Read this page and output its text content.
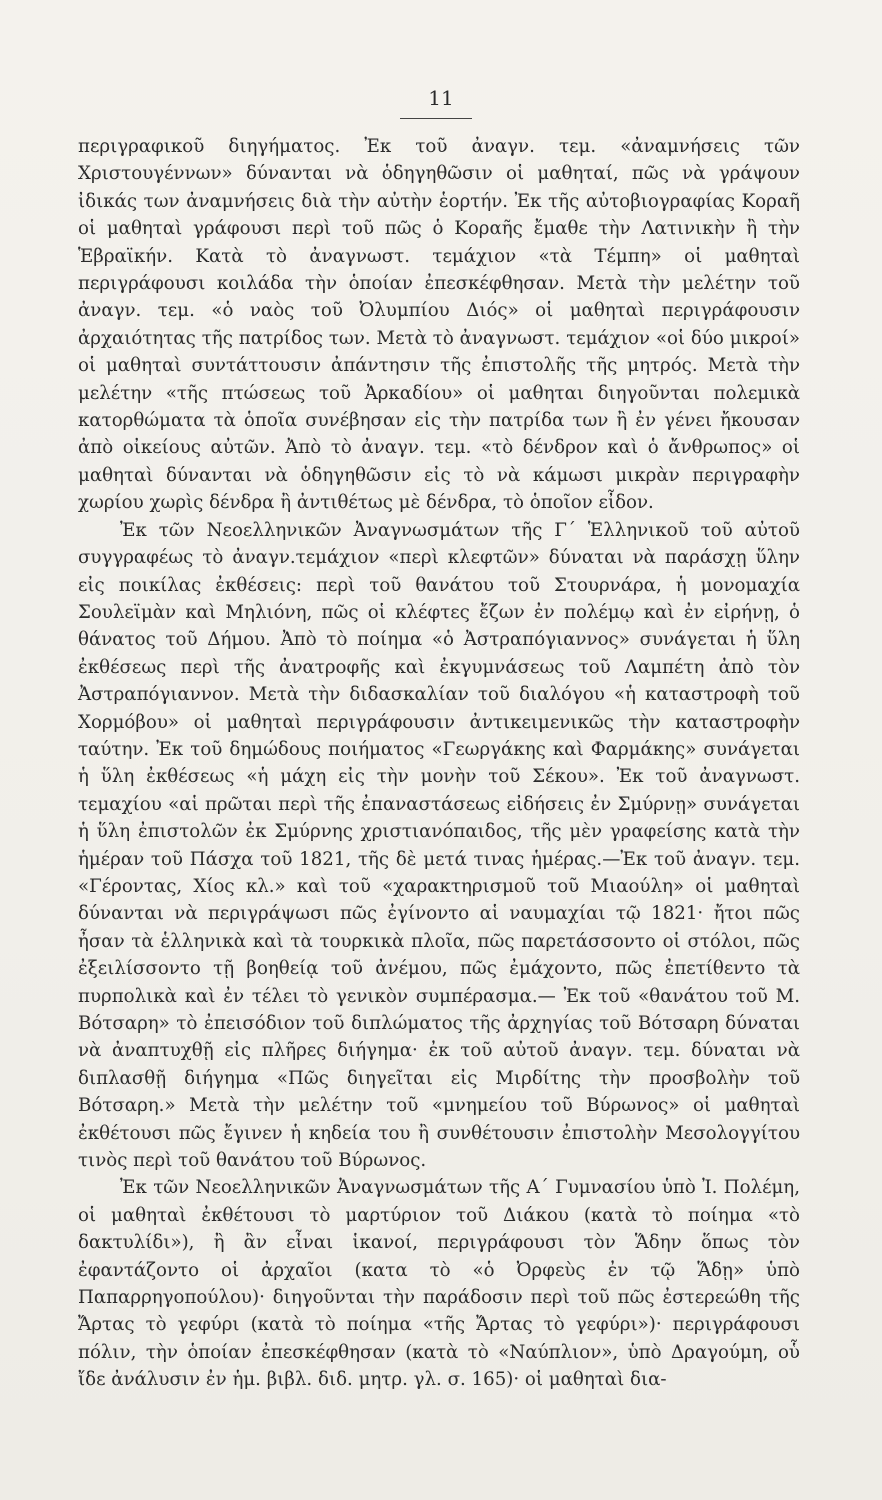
11

περιγραφικοῦ διηγήματος. Ἐκ τοῦ ἀναγν. τεμ. «ἀναμνήσεις τῶν Χριστουγέννων» δύνανται νὰ ὁδηγηθῶσιν οἱ μαθηταί, πῶς νὰ γράψουν ἰδικάς των ἀναμνήσεις διὰ τὴν αὐτὴν ἑορτήν. Ἐκ τῆς αὐτοβιογραφίας Κοραῆ οἱ μαθηταὶ γράφουσι περὶ τοῦ πῶς ὁ Κοραῆς ἔμαθε τὴν Λατινικὴν ἢ τὴν Ἑβραϊκήν. Κατὰ τὸ ἀναγνωστ. τεμάχιον «τὰ Τέμπη» οἱ μαθηταὶ περιγράφουσι κοιλάδα τὴν ὁποίαν ἐπεσκέφθησαν. Μετὰ τὴν μελέτην τοῦ ἀναγν. τεμ. «ὁ ναὸς τοῦ Ὀλυμπίου Διός» οἱ μαθηταὶ περιγράφουσιν ἀρχαιότητας τῆς πατρίδος των. Μετὰ τὸ ἀναγνωστ. τεμάχιον «οἱ δύο μικροί» οἱ μαθηταὶ συντάττουσιν ἀπάντησιν τῆς ἐπιστολῆς τῆς μητρός. Μετὰ τὴν μελέτην «τῆς πτώσεως τοῦ Ἀρκαδίου» οἱ μαθηται διηγοῦνται πολεμικὰ κατορθώματα τὰ ὁποῖα συνέβησαν εἰς τὴν πατρίδα των ἢ ἐν γένει ἤκουσαν ἀπὸ οἰκείους αὐτῶν. Ἀπὸ τὸ ἀναγν. τεμ. «τὸ δένδρον καὶ ὁ ἄνθρωπος» οἱ μαθηταὶ δύνανται νὰ ὁδηγηθῶσιν εἰς τὸ νὰ κάμωσι μικρὰν περιγραφὴν χωρίου χωρὶς δένδρα ἢ ἀντιθέτως μὲ δένδρα, τὸ ὁποῖον εἶδον.

Ἐκ τῶν Νεοελληνικῶν Ἀναγνωσμάτων τῆς Γ΄ Ἑλληνικοῦ τοῦ αὐτοῦ συγγραφέως τὸ ἀναγν.τεμάχιον «περὶ κλεφτῶν» δύναται νὰ παράσχῃ ὕλην εἰς ποικίλας ἐκθέσεις: περὶ τοῦ θανάτου τοῦ Στουρνάρα, ἡ μονομαχία Σουλεϊμὰν καὶ Μηλιόνη, πῶς οἱ κλέφτες ἔζων ἐν πολέμῳ καὶ ἐν εἰρήνῃ, ὁ θάνατος τοῦ Δήμου. Ἀπὸ τὸ ποίημα «ὁ Ἀστραπόγιαννος» συνάγεται ἡ ὕλη ἐκθέσεως περὶ τῆς ἀνατροφῆς καὶ ἐκγυμνάσεως τοῦ Λαμπέτη ἀπὸ τὸν Ἀστραπόγιαννον. Μετὰ τὴν διδασκαλίαν τοῦ διαλόγου «ἡ καταστροφὴ τοῦ Χορμόβου» οἱ μαθηταὶ περιγράφουσιν ἀντικειμενικῶς τὴν καταστροφὴν ταύτην. Ἐκ τοῦ δημώδους ποιήματος «Γεωργάκης καὶ Φαρμάκης» συνάγεται ἡ ὕλη ἐκθέσεως «ἡ μάχη εἰς τὴν μονὴν τοῦ Σέκου». Ἐκ τοῦ ἀναγνωστ. τεμαχίου «αἱ πρῶται περὶ τῆς ἐπαναστάσεως εἰδήσεις ἐν Σμύρνῃ» συνάγεται ἡ ὕλη ἐπιστολῶν ἐκ Σμύρνης χριστιανόπαιδος, τῆς μὲν γραφείσης κατὰ τὴν ἡμέραν τοῦ Πάσχα τοῦ 1821, τῆς δὲ μετά τινας ἡμέρας.—Ἐκ τοῦ ἀναγν. τεμ. «Γέροντας, Χίος κλ.» καὶ τοῦ «χαρακτηρισμοῦ τοῦ Μιαούλη» οἱ μαθηταὶ δύνανται νὰ περιγράψωσι πῶς ἐγίνοντο αἱ ναυμαχίαι τῷ 1821· ἤτοι πῶς ἦσαν τὰ ἑλληνικὰ καὶ τὰ τουρκικὰ πλοῖα, πῶς παρετάσσοντο οἱ στόλοι, πῶς ἐξειλίσσοντο τῇ βοηθείᾳ τοῦ ἀνέμου, πῶς ἐμάχοντο, πῶς ἐπετίθεντο τὰ πυρπολικὰ καὶ ἐν τέλει τὸ γενικὸν συμπέρασμα.— Ἐκ τοῦ «θανάτου τοῦ Μ. Βότσαρη» τὸ ἐπεισόδιον τοῦ διπλώματος τῆς ἀρχηγίας τοῦ Βότσαρη δύναται νὰ ἀναπτυχθῇ εἰς πλῆρες διήγημα· ἐκ τοῦ αὐτοῦ ἀναγν. τεμ. δύναται νὰ διπλασθῇ διήγημα «Πῶς διηγεῖται εἰς Μιρδίτης τὴν προσβολὴν τοῦ Βότσαρη.» Μετὰ τὴν μελέτην τοῦ «μνημείου τοῦ Βύρωνος» οἱ μαθηταὶ ἐκθέτουσι πῶς ἔγινεν ἡ κηδεία του ἢ συνθέτουσιν ἐπιστολὴν Μεσολογγίτου τινὸς περὶ τοῦ θανάτου τοῦ Βύρωνος.

Ἐκ τῶν Νεοελληνικῶν Ἀναγνωσμάτων τῆς Α΄ Γυμνασίου ὑπὸ Ἰ. Πολέμη, οἱ μαθηταὶ ἐκθέτουσι τὸ μαρτύριον τοῦ Διάκου (κατὰ τὸ ποίημα «τὸ δακτυλίδι»), ἢ ἂν εἶναι ἱκανοί, περιγράφουσι τὸν Ἅδην ὅπως τὸν ἐφαντάζοντο οἱ ἀρχαῖοι (κατα τὸ «ὁ Ὀρφεὺς ἐν τῷ Ἅδῃ» ὑπὸ Παπαρρηγοπούλου)· διηγοῦνται τὴν παράδοσιν περὶ τοῦ πῶς ἐστερεώθη τῆς Ἄρτας τὸ γεφύρι (κατὰ τὸ ποίημα «τῆς Ἄρτας τὸ γεφύρι»)· περιγράφουσι πόλιν, τὴν ὁποίαν ἐπεσκέφθησαν (κατὰ τὸ «Ναύπλιον», ὑπὸ Δραγούμη, οὗ ἴδε ἀνάλυσιν ἐν ἡμ. βιβλ. διδ. μητρ. γλ. σ. 165)· οἱ μαθηταὶ δια-
